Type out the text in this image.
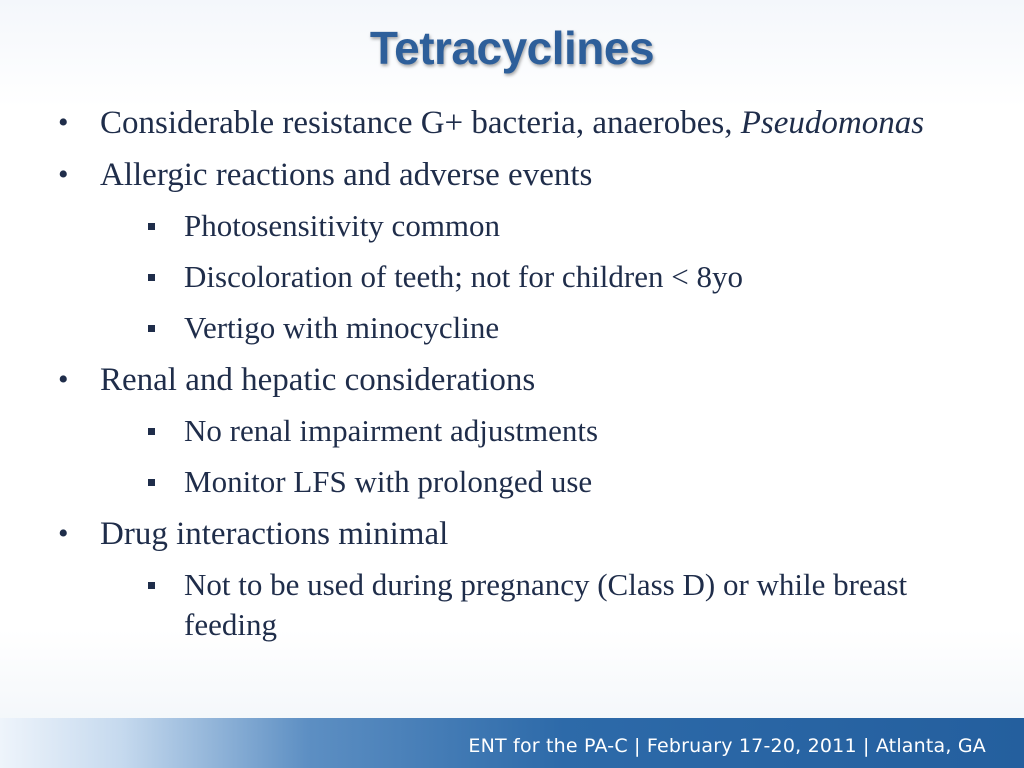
Tetracyclines
• Considerable resistance G+ bacteria, anaerobes, Pseudomonas
• Allergic reactions and adverse events
Photosensitivity common
Discoloration of teeth; not for children < 8yo
Vertigo with minocycline
• Renal and hepatic considerations
No renal impairment adjustments
Monitor LFS with prolonged use
• Drug interactions minimal
Not to be used during pregnancy (Class D) or while breast feeding
ENT for the PA-C | February 17-20, 2011 | Atlanta, GA
